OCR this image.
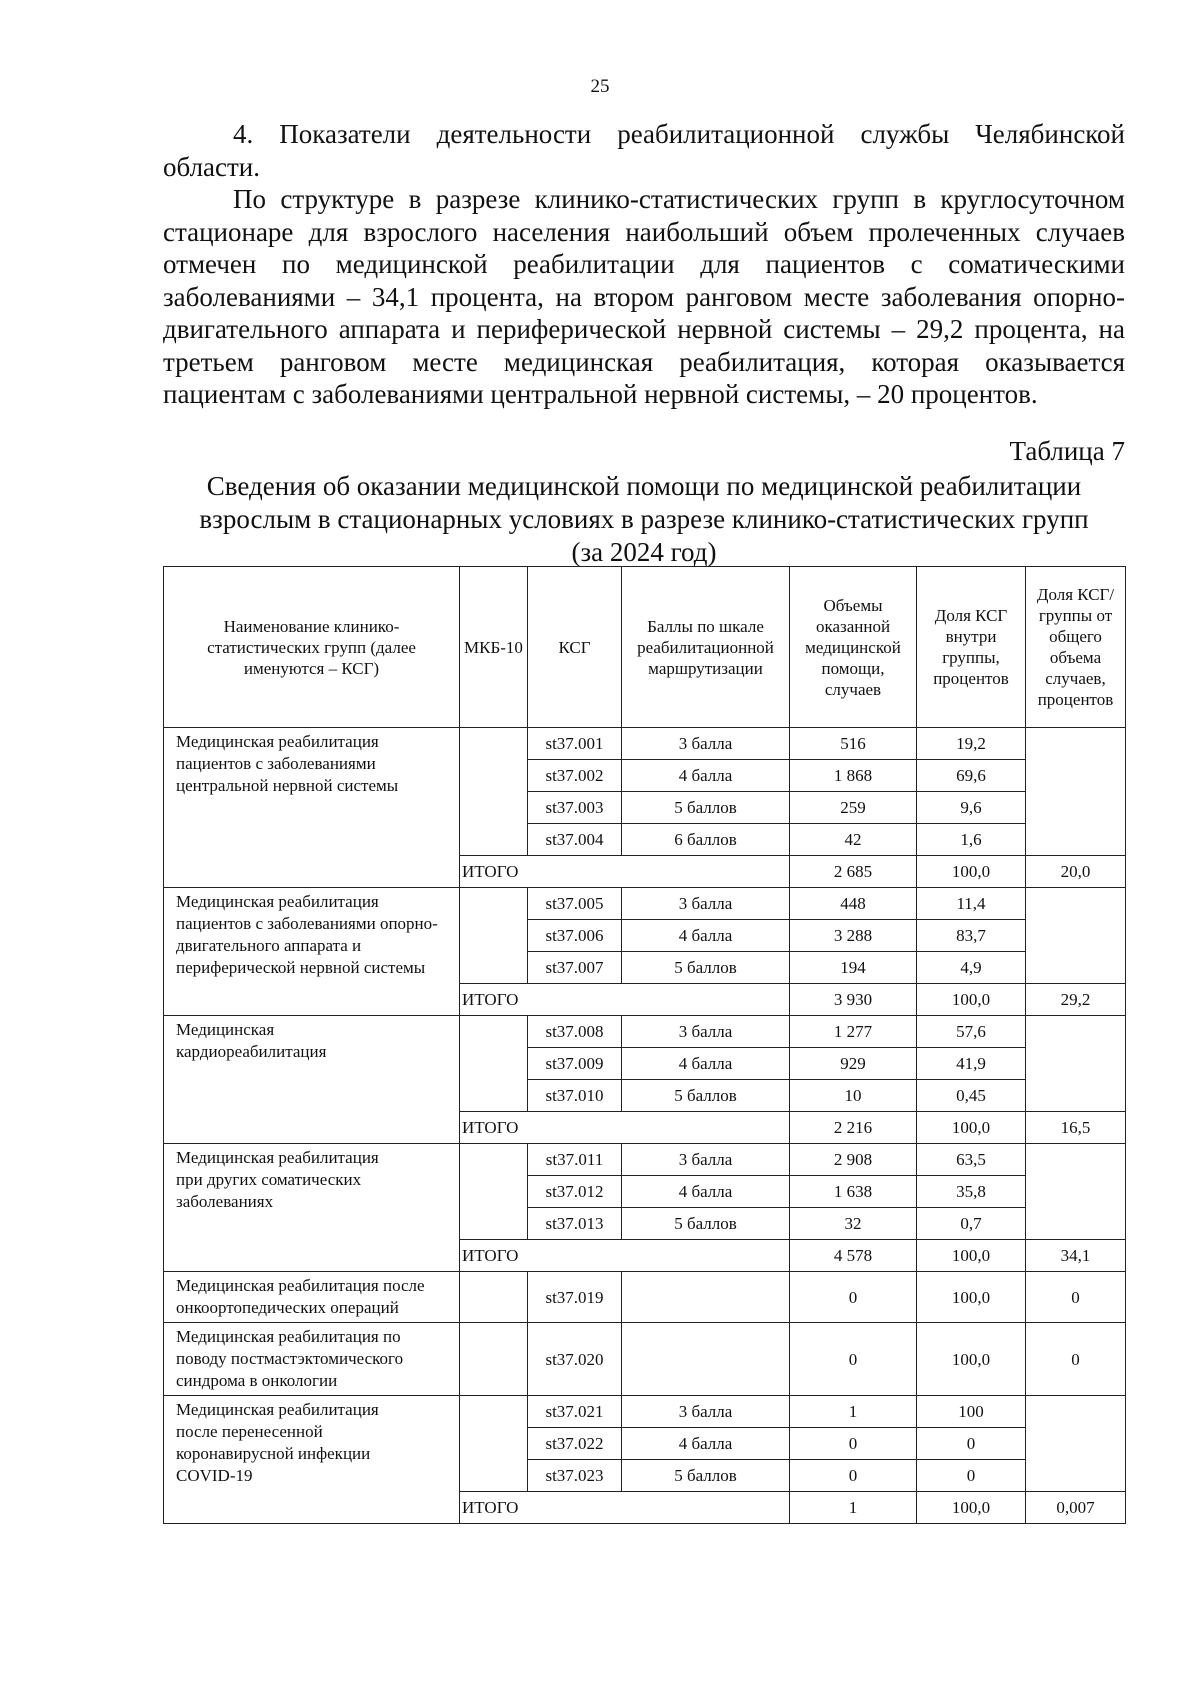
25

4. Показатели деятельности реабилитационной службы Челябинской области.

По структуре в разрезе клинико-статистических групп в круглосуточном стационаре для взрослого населения наибольший объем пролеченных случаев отмечен по медицинской реабилитации для пациентов с соматическими заболеваниями – 34,1 процента, на втором ранговом месте заболевания опорно-двигательного аппарата и периферической нервной системы – 29,2 процента, на третьем ранговом месте медицинская реабилитация, которая оказывается пациентам с заболеваниями центральной нервной системы, – 20 процентов.

Таблица 7
Сведения об оказании медицинской помощи по медицинской реабилитации
взрослым в стационарных условиях в разрезе клинико-статистических групп
(за 2024 год)
Наименование клинико-статистических групп (далее именуются – КСГ)	МКБ-10	КСГ	Баллы по шкале реабилитационной маршрутизации	Объемы оказанной медицинской помощи, случаев	Доля КСГ внутри группы, процентов	Доля КСГ/ группы от общего объема случаев, процентов
Медицинская реабилитация пациентов с заболеваниями центральной нервной системы		st37.001	3 балла	516	19,2	
		st37.002	4 балла	1 868	69,6	
		st37.003	5 баллов	259	9,6	
		st37.004	6 баллов	42	1,6	
	ИТОГО			2 685	100,0	20,0
Медицинская реабилитация пациентов с заболеваниями опорно-двигательного аппарата и периферической нервной системы		st37.005	3 балла	448	11,4	
		st37.006	4 балла	3 288	83,7	
		st37.007	5 баллов	194	4,9	
	ИТОГО			3 930	100,0	29,2
Медицинская кардиореабилитация		st37.008	3 балла	1 277	57,6	
		st37.009	4 балла	929	41,9	
		st37.010	5 баллов	10	0,45	
	ИТОГО			2 216	100,0	16,5
Медицинская реабилитация при других соматических заболеваниях		st37.011	3 балла	2 908	63,5	
		st37.012	4 балла	1 638	35,8	
		st37.013	5 баллов	32	0,7	
	ИТОГО			4 578	100,0	34,1
Медицинская реабилитация после онкоортопедических операций		st37.019		0	100,0	0
Медицинская реабилитация по поводу постмастэктомического синдрома в онкологии		st37.020		0	100,0	0
Медицинская реабилитация после перенесенной коронавирусной инфекции COVID-19		st37.021	3 балла	1	100	
		st37.022	4 балла	0	0	
		st37.023	5 баллов	0	0	
	ИТОГО			1	100,0	0,007
